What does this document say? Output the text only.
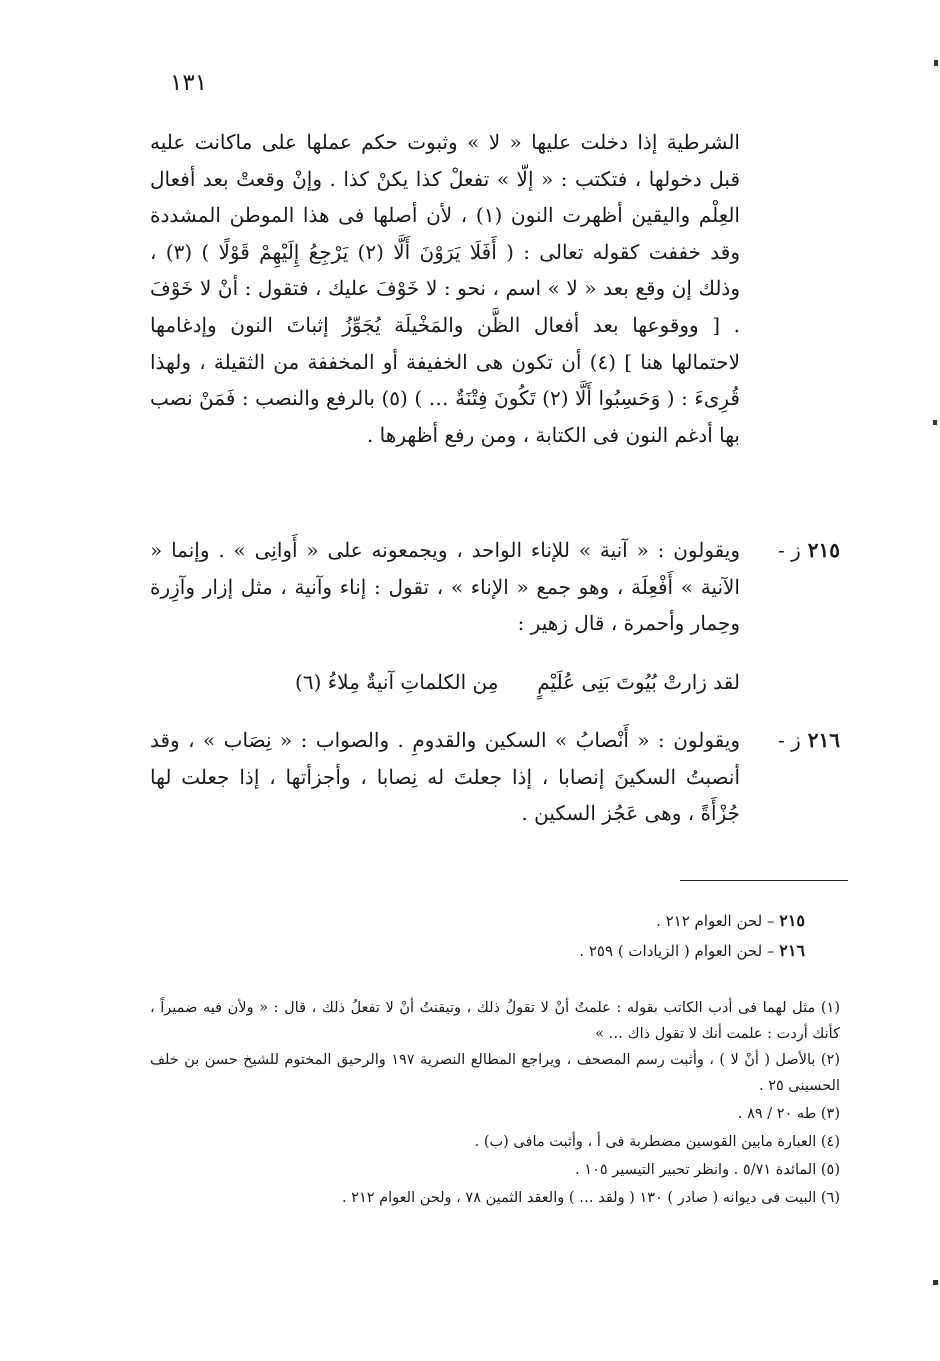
١٣١

الشرطية إذا دخلت عليها « لا » وثبوت حكم عملها على ماكانت عليه قبل دخولها ، فتكتب : « إلّا » تفعلْ كذا يكنْ كذا . وإنْ وقعتْ بعد أفعال العِلْم واليقين أظهرت النون (١) ، لأن أصلها فى هذا الموطن المشددة وقد خففت كقوله تعالى : ( أَفَلَا يَرَوْنَ أَلَّا (٢) يَرْجِعُ إِلَيْهِمْ قَوْلًا ) (٣) ، وذلك إن وقع بعد « لا » اسم ، نحو : لا خَوْفَ عليك ، فتقول : أنْ لا خَوْفَ . [ ووقوعها بعد أفعال الظَّن والمَخْيلَة يُجَوِّزُ إثباتَ النون وإدغامها لاحتمالها هنا ] (٤) أن تكون هى الخفيفة أو المخففة من الثقيلة ، ولهذا قُرِىءَ : ( وَحَسِبُوا أَلَّا (٢) تَكُونَ فِتْنَةٌ … ) (٥) بالرفع والنصب : فَمَنْ نصب بها أدغم النون فى الكتابة ، ومن رفع أظهرها .

٢١٥ ز -
ويقولون : « آنية » للإناء الواحد ، ويجمعونه على « أَوانِى » . وإنما « الآنية » أَفْعِلَة ، وهو جمع « الإناء » ، تقول : إناء وآنية ، مثل إزار وآزِرة وحِمار وأحمرة ، قال زهير :
لقد زارتْ بُيُوتَ بَنِى عُلَيْمٍ  مِن الكلماتِ آنيةٌ مِلاءُ (٦)
٢١٦ ز -
ويقولون : « أَنْصابُ » السكين والقدومِ . والصواب : « نِصَاب » ، وقد أنصبتُ السكينَ إنصابا ، إذا جعلتَ له نِصابا ، وأجزأتها ، إذا جعلت لها جُزْأَةً ، وهى عَجُز السكين .
٢١٥ – لحن العوام ٢١٢ .
٢١٦ – لحن العوام ( الزيادات ) ٢٥٩ .

(١) مثل لهما فى أدب الكاتب بقوله : علمتُ أنْ لا تقولُ ذلك ، وتيقنتُ أنْ لا تفعلُ ذلك ، قال : « ولأن فيه ضميراً ، كأنك أردت : علمت أنك لا تقول ذاك … »

(٢) بالأصل ( أنْ لا ) ، وأثبت رسم المصحف ، ويراجع المطالع النصرية ١٩٧ والرحيق المختوم للشيخ حسن بن خلف الحسينى ٢٥ .

(٣) طه ٢٠ / ٨٩ .

(٤) العبارة مابين القوسين مضطربة فى أ ، وأثبت مافى (ب) .

(٥) المائدة ٥/٧١ . وانظر تحبير التيسير ١٠٥ .

(٦) البيت فى ديوانه ( صادر ) ١٣٠ ( ولقد … ) والعقد الثمين ٧٨ ، ولحن العوام ٢١٢ .
